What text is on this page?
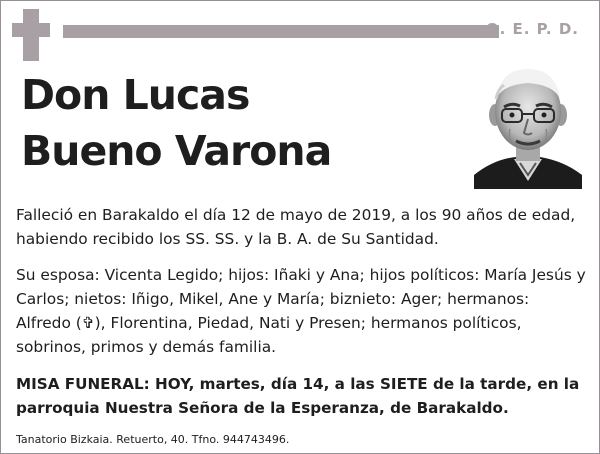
Q. E. P. D.
Don Lucas
Bueno Varona
Falleció en Barakaldo el día 12 de mayo de 2019, a los 90 años de edad, habiendo recibido los SS. SS. y la B. A. de Su Santidad.
Su esposa: Vicenta Legido; hijos: Iñaki y Ana; hijos políticos: María Jesús y Carlos; nietos: Iñigo, Mikel, Ane y María; biznieto: Ager; hermanos: Alfredo (✞), Florentina, Piedad, Nati y Presen; hermanos políticos, sobrinos, primos y demás familia.
MISA FUNERAL: HOY, martes, día 14, a las SIETE de la tarde, en la parroquia Nuestra Señora de la Esperanza, de Barakaldo.
Tanatorio Bizkaia. Retuerto, 40. Tfno. 944743496.
